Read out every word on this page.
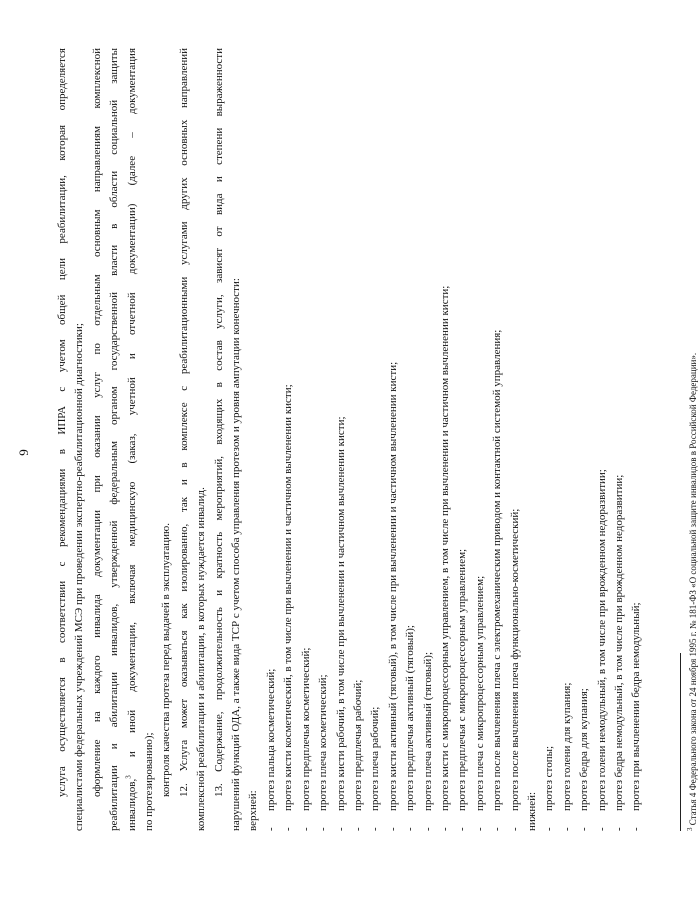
9 услуга осуществляется в соответствии с рекомендациями в ИПРА с учетом общей цели реабилитации, которая определяется специалистами федеральных учреждений МСЭ при проведении экспертно-реабилитационной диагностики; оформление на каждого инвалида документации при оказании услуг по отдельным основным направлениям комплексной реабилитации и абилитации инвалидов, утвержденной федеральным органом государственной власти в области социальной защиты инвалидов,$^3$ и иной документации, включая медицинскую (заказ, учетной и отчетной документации) (далее – документация
по протезированию); контроля качества протеза перед выдачей в эксплуатацию. 12. Услуга может оказываться как изолированно, так и в комплексе с реабилитационными услугами других основных направлений комплексной реабилитации и абилитации, в которых нуждается инвалид. 13. Содержание, продолжительность и кратность мероприятий, входящих в состав услуги, зависят от вида и степени выраженности нарушений функций ОДА, а также вида ТСР с учетом способа управления протезом и уровня ампутации конечности: верхней: -протез пальца косметический;
-протез кисти косметический, в том числе при вычленении и частичном вычленении кисти;
-протез предплечья косметический;
-протез плеча косметический;
-протез кисти рабочий, в том числе при вычленении и частичном вычленении кисти;
-протез предплечья рабочий;
-протез плеча рабочий;
-протез кисти активный (тяговый), в том числе при вычленении и частичном вычленении кисти;
-протез предплечья активный (тяговый);
-протез плеча активный (тяговый);
-протез кисти с микропроцессорным управлением, в том числе при вычленении и частичном вычленении кисти;
-протез предплечья с микропроцессорным управлением;
-протез плеча с микропроцессорным управлением;
-протез после вычленения плеча с электромеханическим приводом и контактной системой управления;
-протез после вычленения плеча функционально-косметический;
нижней: -протез стопы;
-протез голени для купания;
-протез бедра для купания;
-протез голени немодульный, в том числе при врожденном недоразвитии;
-протез бедра немодульный, в том числе при врожденном недоразвитии;
-протез при вычленении бедра немодульный;
$^3$ Статья 4 Федерального закона от 24 ноября 1995 г. № 181-ФЗ «О социальной защите инвалидов в Российской Федерации».
